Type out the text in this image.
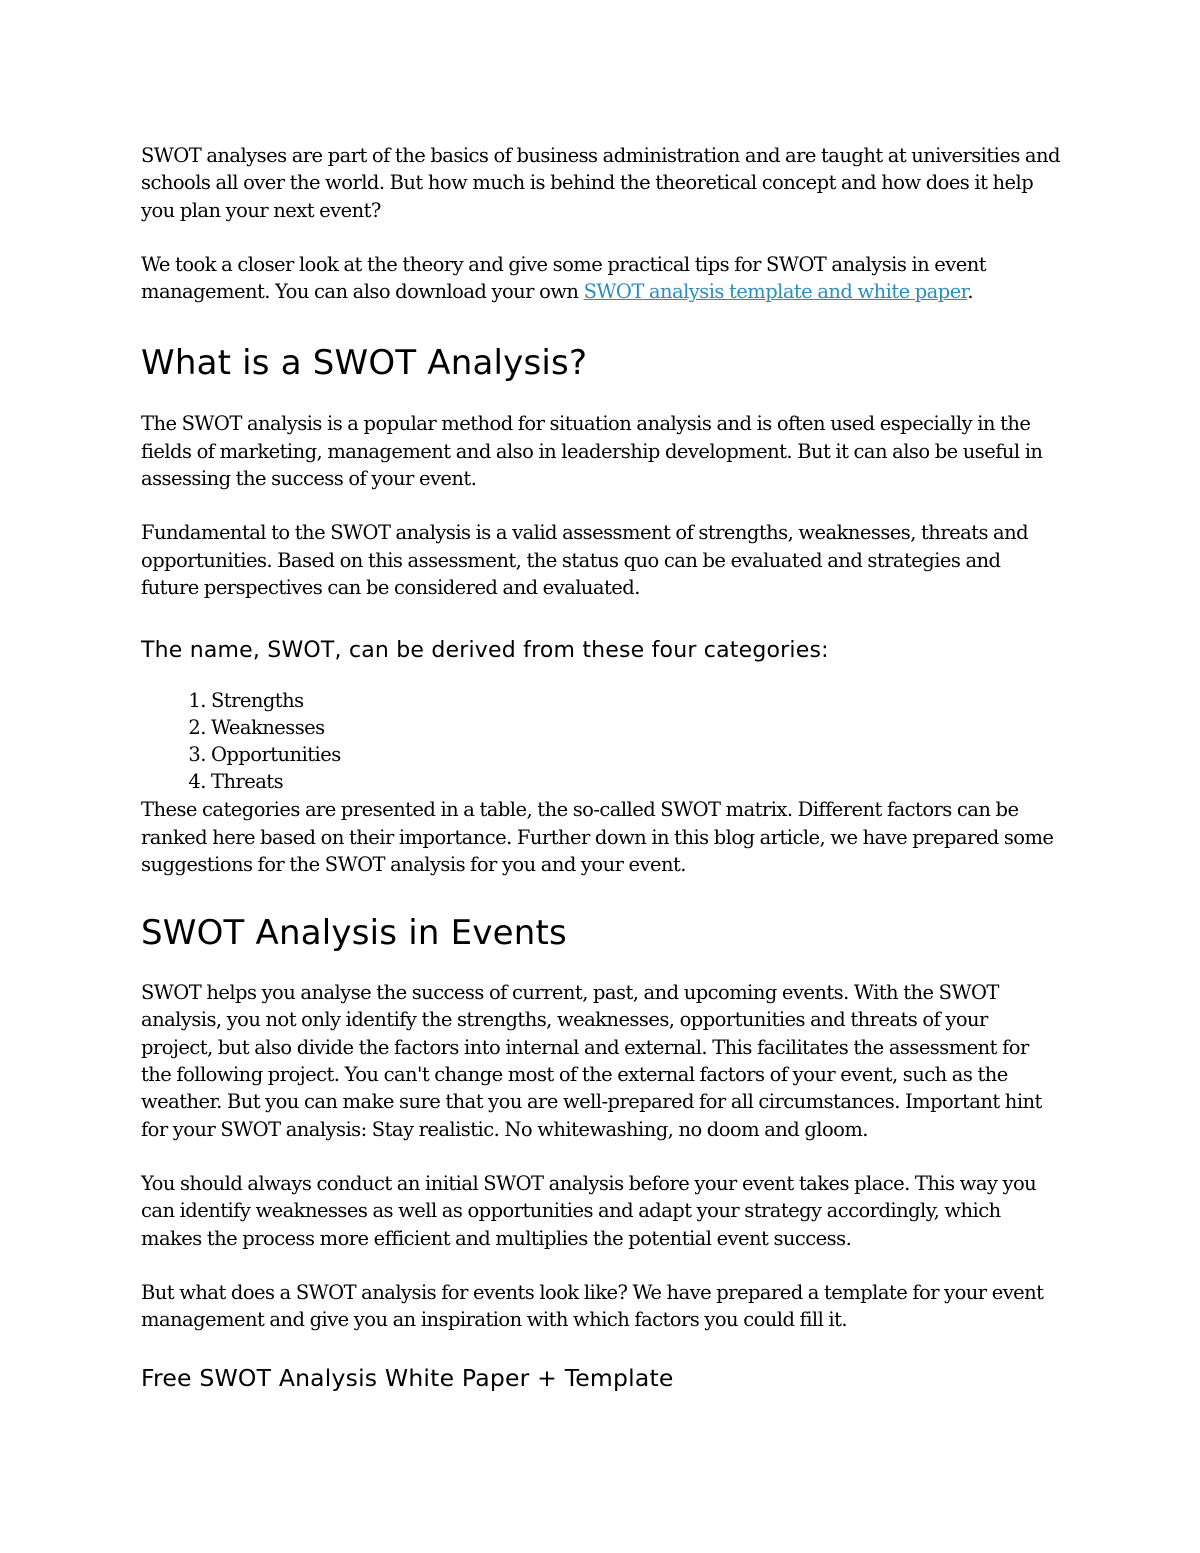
SWOT analyses are part of the basics of business administration and are taught at universities and schools all over the world. But how much is behind the theoretical concept and how does it help you plan your next event?
We took a closer look at the theory and give some practical tips for SWOT analysis in event management. You can also download your own SWOT analysis template and white paper.
What is a SWOT Analysis?
The SWOT analysis is a popular method for situation analysis and is often used especially in the fields of marketing, management and also in leadership development. But it can also be useful in assessing the success of your event.
Fundamental to the SWOT analysis is a valid assessment of strengths, weaknesses, threats and opportunities. Based on this assessment, the status quo can be evaluated and strategies and future perspectives can be considered and evaluated.
The name, SWOT, can be derived from these four categories:
1. Strengths
2. Weaknesses
3. Opportunities
4. Threats
These categories are presented in a table, the so-called SWOT matrix. Different factors can be ranked here based on their importance. Further down in this blog article, we have prepared some suggestions for the SWOT analysis for you and your event.
SWOT Analysis in Events
SWOT helps you analyse the success of current, past, and upcoming events. With the SWOT analysis, you not only identify the strengths, weaknesses, opportunities and threats of your project, but also divide the factors into internal and external. This facilitates the assessment for the following project. You can't change most of the external factors of your event, such as the weather. But you can make sure that you are well-prepared for all circumstances. Important hint for your SWOT analysis: Stay realistic. No whitewashing, no doom and gloom.
You should always conduct an initial SWOT analysis before your event takes place. This way you can identify weaknesses as well as opportunities and adapt your strategy accordingly, which makes the process more efficient and multiplies the potential event success.
But what does a SWOT analysis for events look like? We have prepared a template for your event management and give you an inspiration with which factors you could fill it.
Free SWOT Analysis White Paper + Template
